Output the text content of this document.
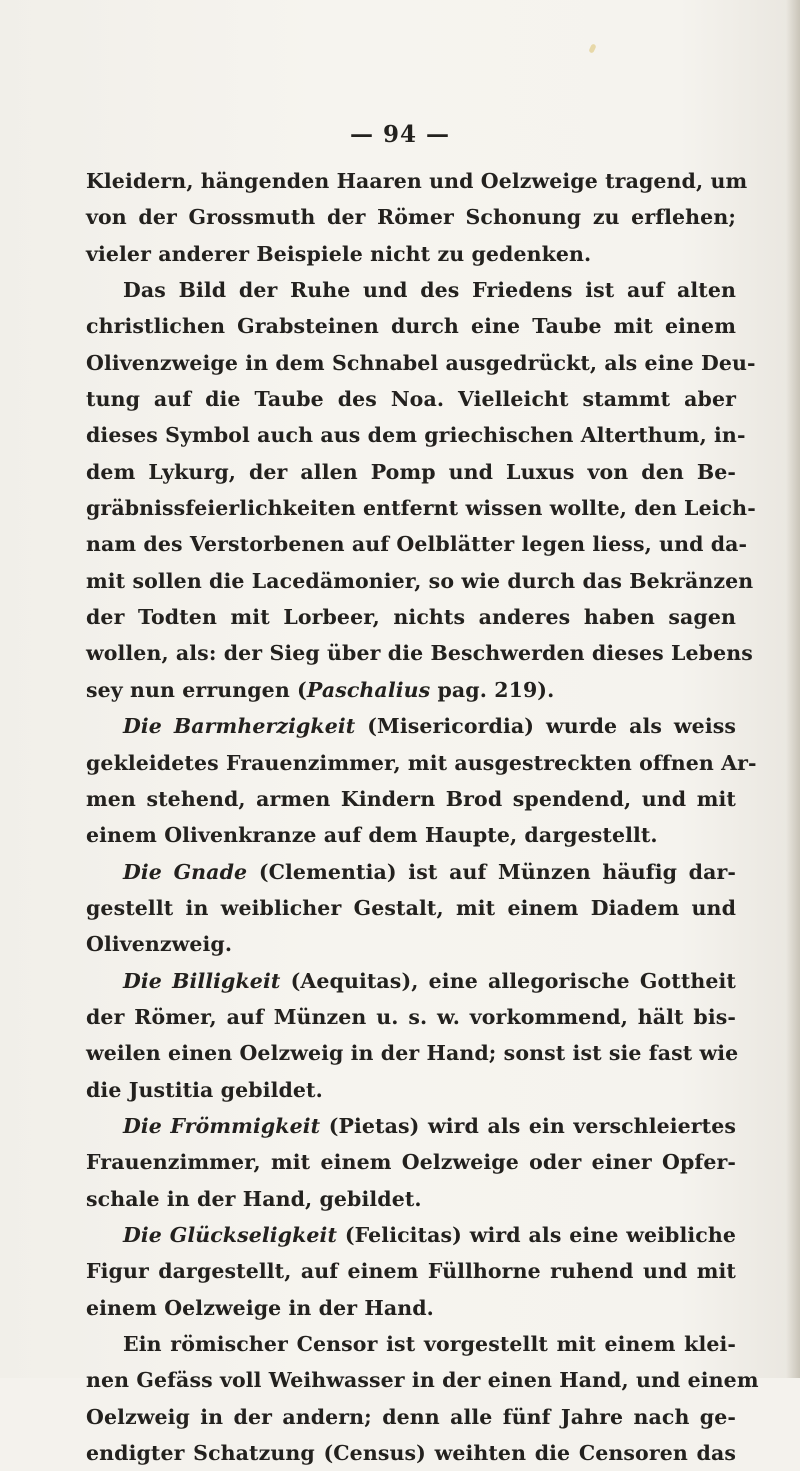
— 94 —
Kleidern, hängenden Haaren und Oelzweige tragend, um
von der Grossmuth der Römer Schonung zu erflehen;
vieler anderer Beispiele nicht zu gedenken.
Das Bild der Ruhe und des Friedens ist auf alten
christlichen Grabsteinen durch eine Taube mit einem
Olivenzweige in dem Schnabel ausgedrückt, als eine Deu-
tung auf die Taube des Noa. Vielleicht stammt aber
dieses Symbol auch aus dem griechischen Alterthum, in-
dem Lykurg, der allen Pomp und Luxus von den Be-
gräbnissfeierlichkeiten entfernt wissen wollte, den Leich-
nam des Verstorbenen auf Oelblätter legen liess, und da-
mit sollen die Lacedämonier, so wie durch das Bekränzen
der Todten mit Lorbeer, nichts anderes haben sagen
wollen, als: der Sieg über die Beschwerden dieses Lebens
sey nun errungen (Paschalius pag. 219).
Die Barmherzigkeit (Misericordia) wurde als weiss
gekleidetes Frauenzimmer, mit ausgestreckten offnen Ar-
men stehend, armen Kindern Brod spendend, und mit
einem Olivenkranze auf dem Haupte, dargestellt.
Die Gnade (Clementia) ist auf Münzen häufig dar-
gestellt in weiblicher Gestalt, mit einem Diadem und
Olivenzweig.
Die Billigkeit (Aequitas), eine allegorische Gottheit
der Römer, auf Münzen u. s. w. vorkommend, hält bis-
weilen einen Oelzweig in der Hand; sonst ist sie fast wie
die Justitia gebildet.
Die Frömmigkeit (Pietas) wird als ein verschleiertes
Frauenzimmer, mit einem Oelzweige oder einer Opfer-
schale in der Hand, gebildet.
Die Glückseligkeit (Felicitas) wird als eine weibliche
Figur dargestellt, auf einem Füllhorne ruhend und mit
einem Oelzweige in der Hand.
Ein römischer Censor ist vorgestellt mit einem klei-
nen Gefäss voll Weihwasser in der einen Hand, und einem
Oelzweig in der andern; denn alle fünf Jahre nach ge-
endigter Schatzung (Census) weihten die Censoren das
